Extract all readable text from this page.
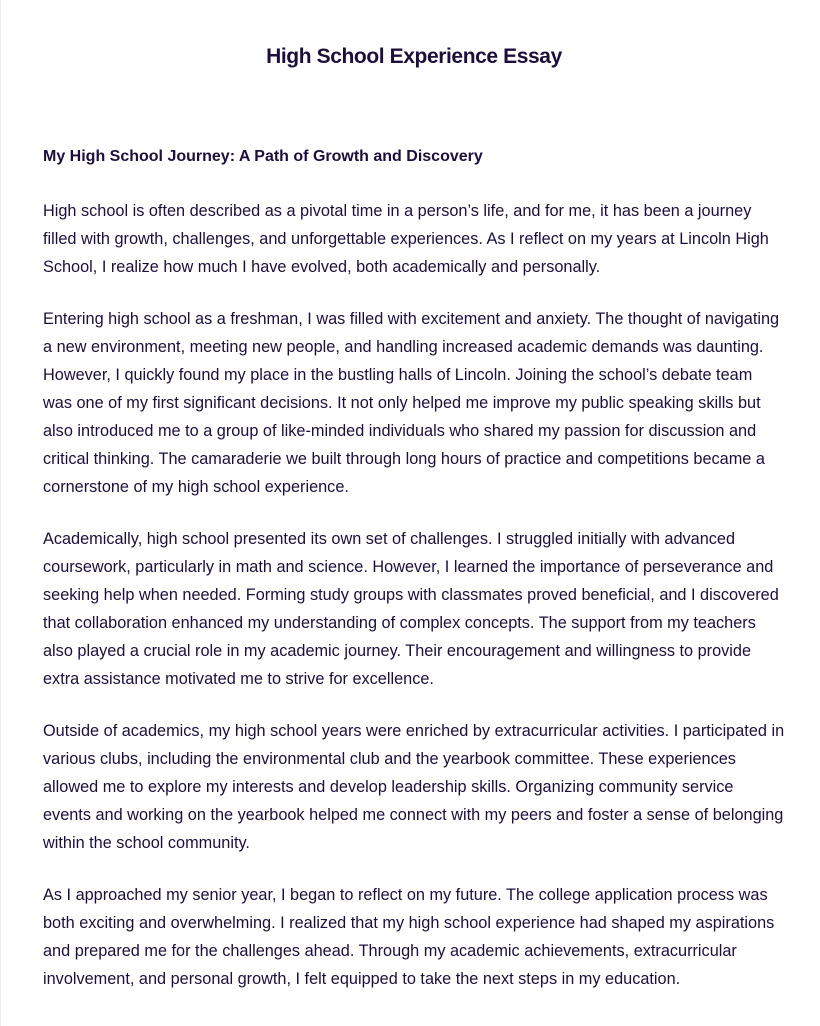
High School Experience Essay

My High School Journey: A Path of Growth and Discovery

High school is often described as a pivotal time in a person’s life, and for me, it has been a journey filled with growth, challenges, and unforgettable experiences. As I reflect on my years at Lincoln High School, I realize how much I have evolved, both academically and personally.

Entering high school as a freshman, I was filled with excitement and anxiety. The thought of navigating a new environment, meeting new people, and handling increased academic demands was daunting. However, I quickly found my place in the bustling halls of Lincoln. Joining the school’s debate team was one of my first significant decisions. It not only helped me improve my public speaking skills but also introduced me to a group of like-minded individuals who shared my passion for discussion and critical thinking. The camaraderie we built through long hours of practice and competitions became a cornerstone of my high school experience.

Academically, high school presented its own set of challenges. I struggled initially with advanced coursework, particularly in math and science. However, I learned the importance of perseverance and seeking help when needed. Forming study groups with classmates proved beneficial, and I discovered that collaboration enhanced my understanding of complex concepts. The support from my teachers also played a crucial role in my academic journey. Their encouragement and willingness to provide extra assistance motivated me to strive for excellence.

Outside of academics, my high school years were enriched by extracurricular activities. I participated in various clubs, including the environmental club and the yearbook committee. These experiences allowed me to explore my interests and develop leadership skills. Organizing community service events and working on the yearbook helped me connect with my peers and foster a sense of belonging within the school community.

As I approached my senior year, I began to reflect on my future. The college application process was both exciting and overwhelming. I realized that my high school experience had shaped my aspirations and prepared me for the challenges ahead. Through my academic achievements, extracurricular involvement, and personal growth, I felt equipped to take the next steps in my education.
